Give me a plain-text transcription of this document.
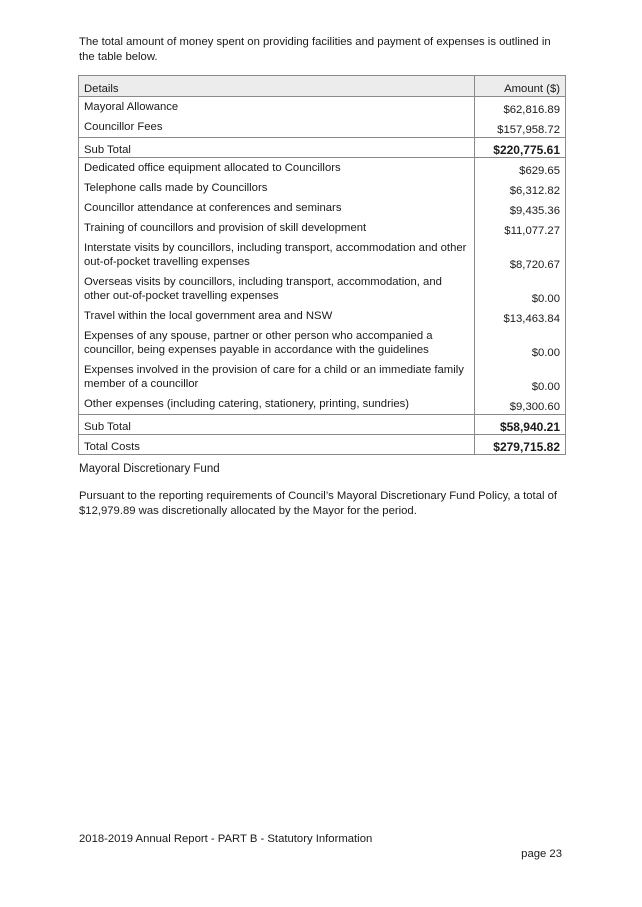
The total amount of money spent on providing facilities and payment of expenses is outlined in the table below.

Details	Amount ($)
Mayoral Allowance	$62,816.89
Councillor Fees	$157,958.72
Sub Total	$220,775.61
Dedicated office equipment allocated to Councillors	$629.65
Telephone calls made by Councillors	$6,312.82
Councillor attendance at conferences and seminars	$9,435.36
Training of councillors and provision of skill development	$11,077.27
Interstate visits by councillors, including transport, accommodation and other out-of-pocket travelling expenses	$8,720.67
Overseas visits by councillors, including transport, accommodation, and other out-of-pocket travelling expenses	$0.00
Travel within the local government area and NSW	$13,463.84
Expenses of any spouse, partner or other person who accompanied a councillor, being expenses payable in accordance with the guidelines	$0.00
Expenses involved in the provision of care for a child or an immediate family member of a councillor	$0.00
Other expenses (including catering, stationery, printing, sundries)	$9,300.60
Sub Total	$58,940.21
Total Costs	$279,715.82
Mayoral Discretionary Fund

Pursuant to the reporting requirements of Council’s Mayoral Discretionary Fund Policy, a total of $12,979.89 was discretionally allocated by the Mayor for the period.

2018-2019 Annual Report - PART B - Statutory Information

page 23
